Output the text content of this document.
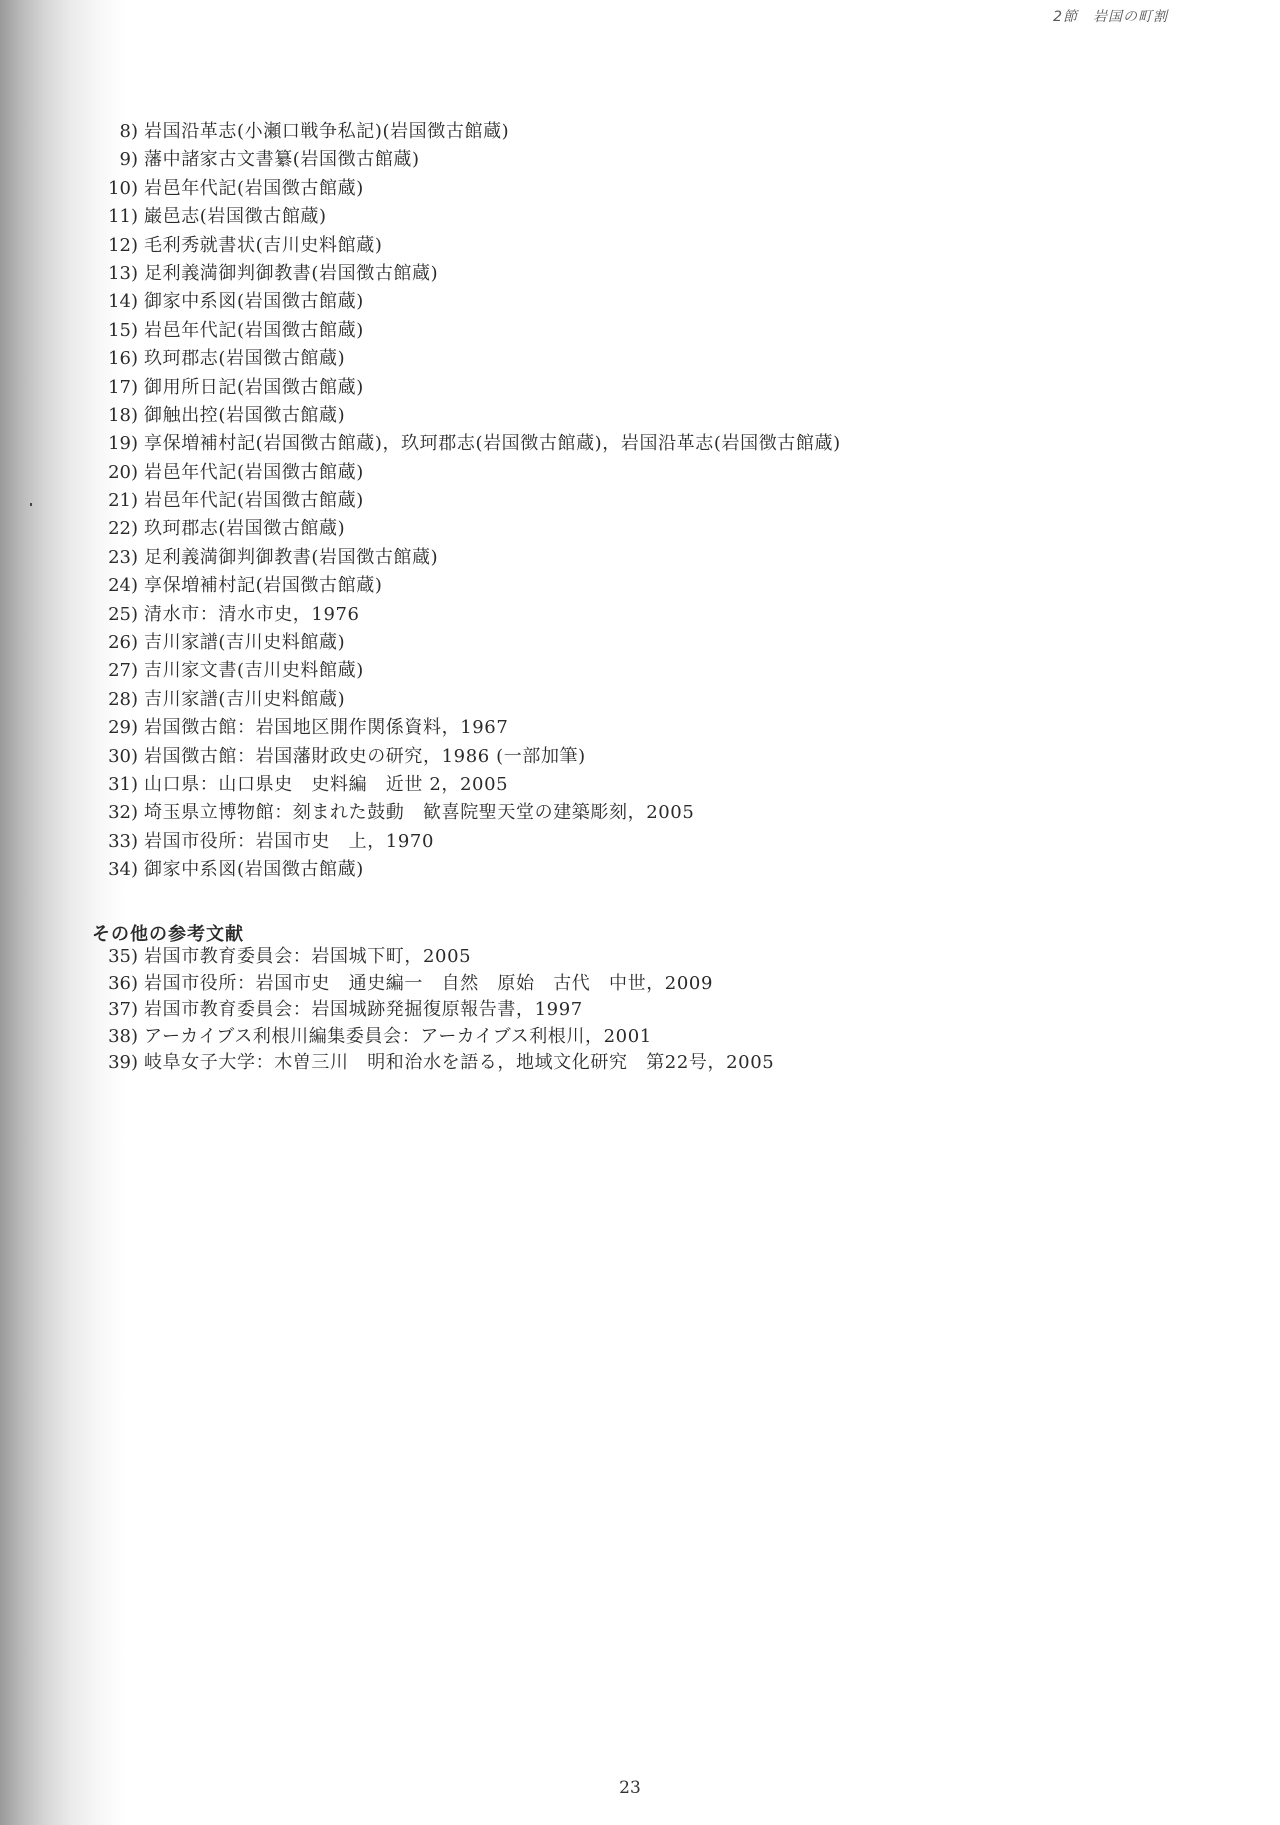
2節　岩国の町割
8) 岩国沿革志(小瀬口戦争私記)(岩国徴古館蔵)
9) 藩中諸家古文書纂(岩国徴古館蔵)
10) 岩邑年代記(岩国徴古館蔵)
11) 巌邑志(岩国徴古館蔵)
12) 毛利秀就書状(吉川史料館蔵)
13) 足利義満御判御教書(岩国徴古館蔵)
14) 御家中系図(岩国徴古館蔵)
15) 岩邑年代記(岩国徴古館蔵)
16) 玖珂郡志(岩国徴古館蔵)
17) 御用所日記(岩国徴古館蔵)
18) 御触出控(岩国徴古館蔵)
19) 享保増補村記(岩国徴古館蔵)，玖珂郡志(岩国徴古館蔵)，岩国沿革志(岩国徴古館蔵)
20) 岩邑年代記(岩国徴古館蔵)
21) 岩邑年代記(岩国徴古館蔵)
22) 玖珂郡志(岩国徴古館蔵)
23) 足利義満御判御教書(岩国徴古館蔵)
24) 享保増補村記(岩国徴古館蔵)
25) 清水市：清水市史，1976
26) 吉川家譜(吉川史料館蔵)
27) 吉川家文書(吉川史料館蔵)
28) 吉川家譜(吉川史料館蔵)
29) 岩国徴古館：岩国地区開作関係資料，1967
30) 岩国徴古館：岩国藩財政史の研究，1986 (一部加筆)
31) 山口県：山口県史　史料編　近世 2，2005
32) 埼玉県立博物館：刻まれた鼓動　歓喜院聖天堂の建築彫刻，2005
33) 岩国市役所：岩国市史　上，1970
34) 御家中系図(岩国徴古館蔵)
その他の参考文献
35) 岩国市教育委員会：岩国城下町，2005
36) 岩国市役所：岩国市史　通史編一　自然　原始　古代　中世，2009
37) 岩国市教育委員会：岩国城跡発掘復原報告書，1997
38) アーカイブス利根川編集委員会：アーカイブス利根川，2001
39) 岐阜女子大学：木曽三川　明和治水を語る，地域文化研究　第22号，2005
23
